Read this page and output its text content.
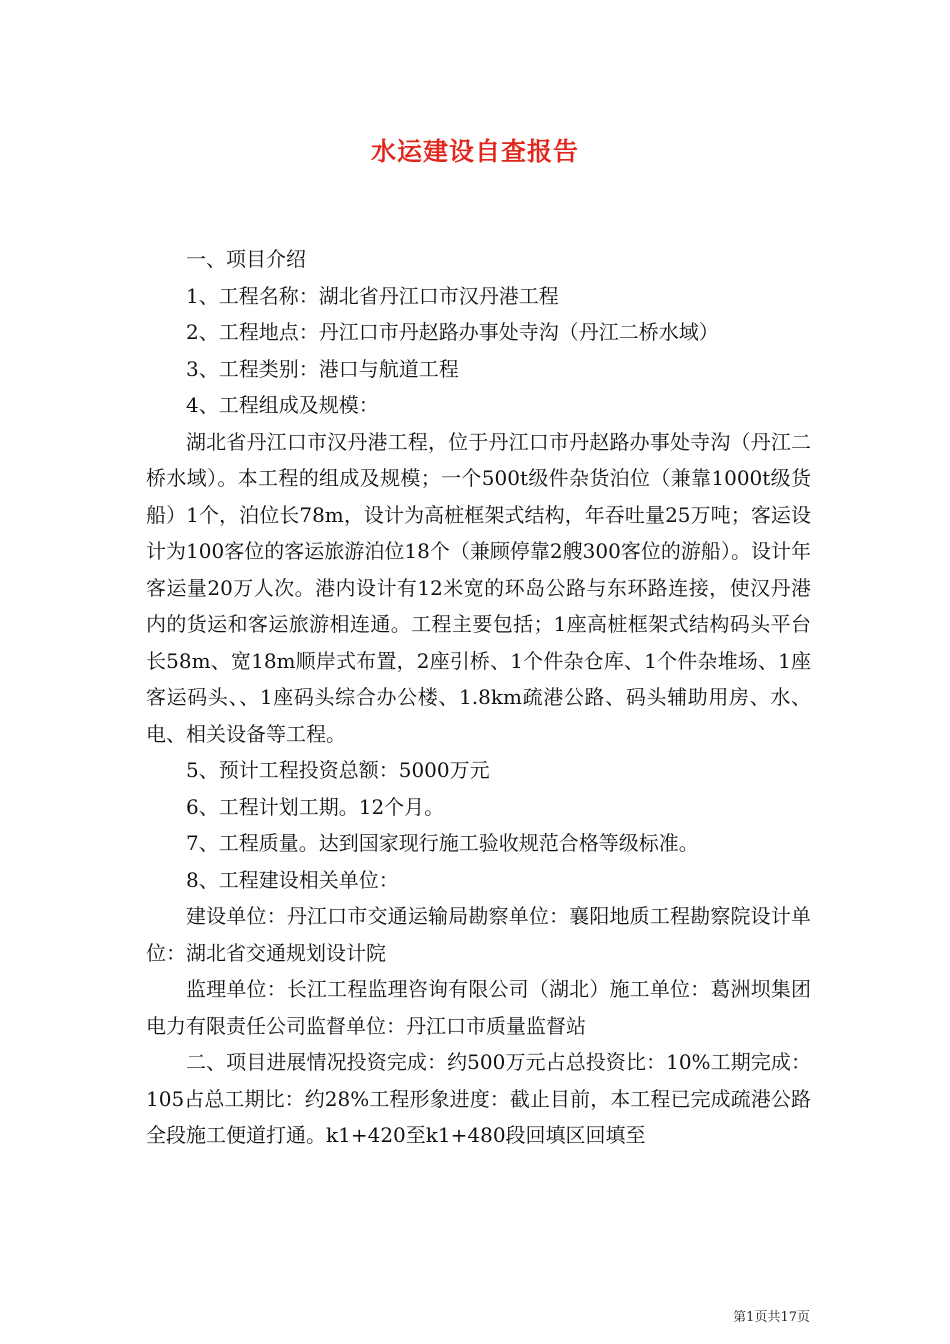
水运建设自查报告

一、项目介绍

1、工程名称：湖北省丹江口市汉丹港工程

2、工程地点：丹江口市丹赵路办事处寺沟（丹江二桥水域）

3、工程类别：港口与航道工程

4、工程组成及规模：

湖北省丹江口市汉丹港工程，位于丹江口市丹赵路办事处寺沟（丹江二桥水域）。本工程的组成及规模；一个500t级件杂货泊位（兼靠1000t级货船）1个，泊位长78m，设计为高桩框架式结构，年吞吐量25万吨；客运设计为100客位的客运旅游泊位18个（兼顾停靠2艘300客位的游船）。设计年客运量20万人次。港内设计有12米宽的环岛公路与东环路连接，使汉丹港内的货运和客运旅游相连通。工程主要包括；1座高桩框架式结构码头平台长58m、宽18m顺岸式布置，2座引桥、1个件杂仓库、1个件杂堆场、1座客运码头、、1座码头综合办公楼、1.8km疏港公路、码头辅助用房、水、电、相关设备等工程。

5、预计工程投资总额：5000万元

6、工程计划工期。12个月。

7、工程质量。达到国家现行施工验收规范合格等级标准。

8、工程建设相关单位：

建设单位：丹江口市交通运输局勘察单位：襄阳地质工程勘察院设计单位：湖北省交通规划设计院

监理单位：长江工程监理咨询有限公司（湖北）施工单位：葛洲坝集团电力有限责任公司监督单位：丹江口市质量监督站

二、项目进展情况投资完成：约500万元占总投资比：10%工期完成：105占总工期比：约28%工程形象进度：截止目前，本工程已完成疏港公路全段施工便道打通。k1+420至k1+480段回填区回填至

第1页共17页
